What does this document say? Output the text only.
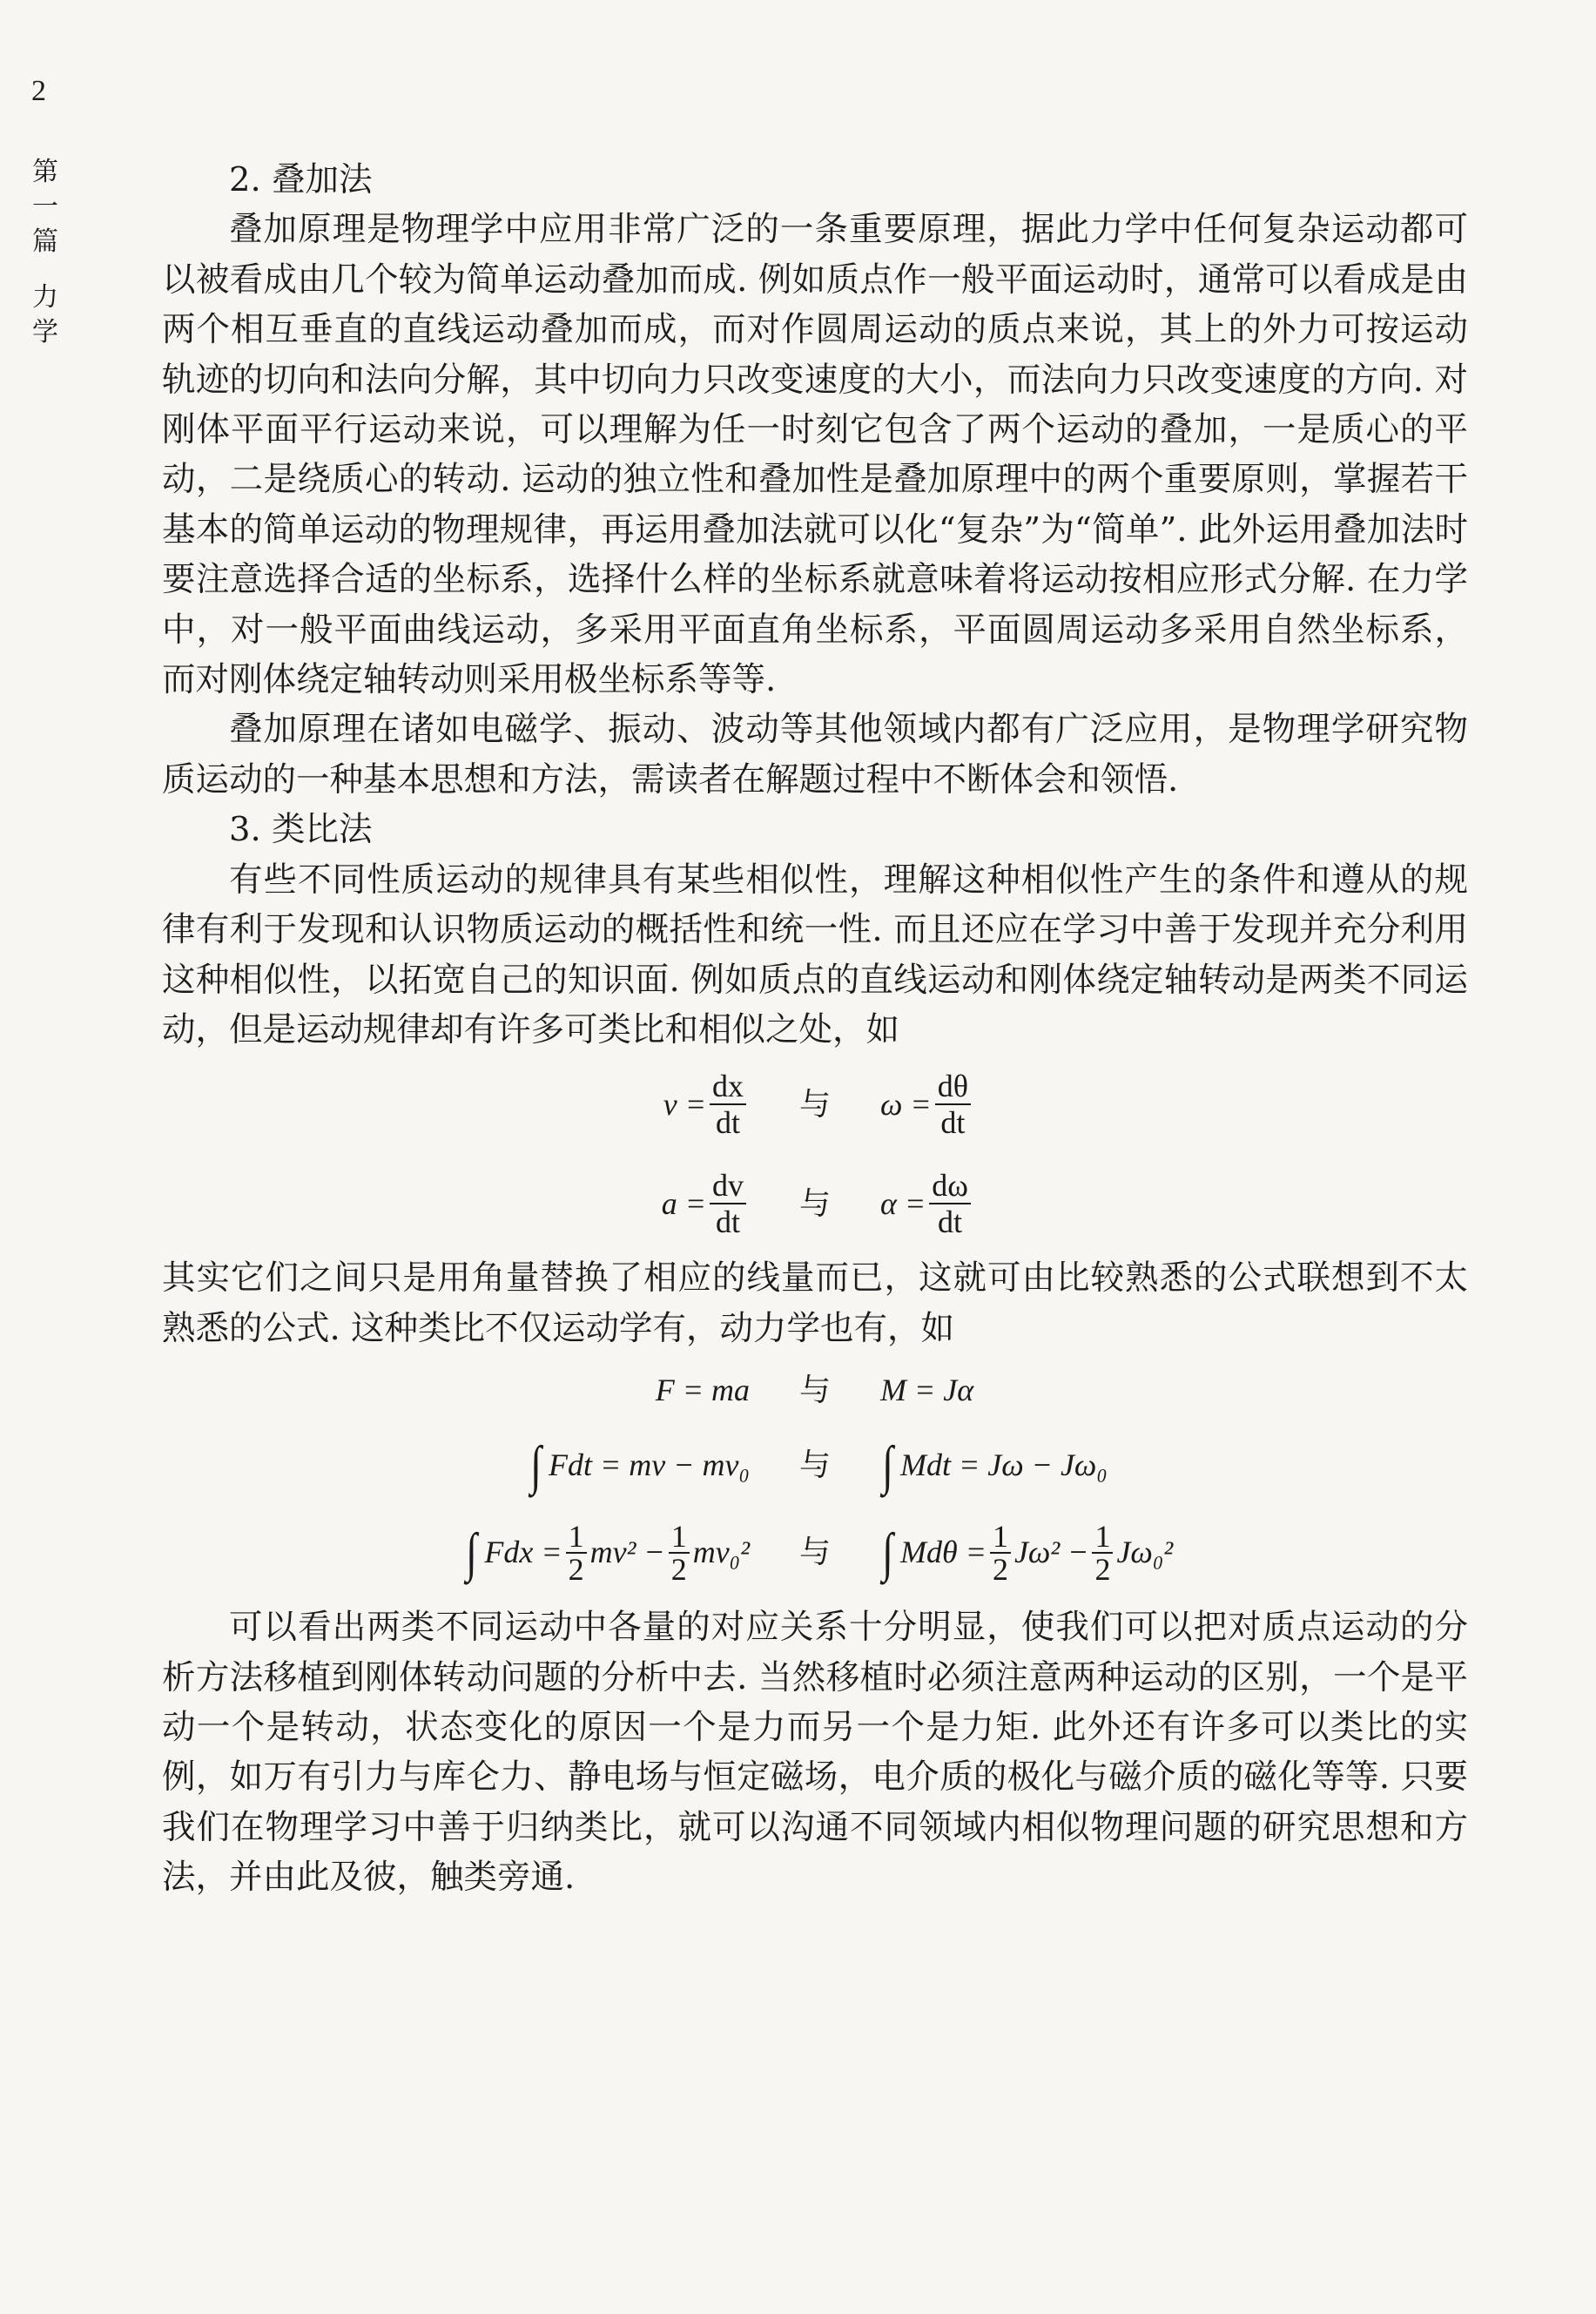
2
第
一
篇
力
学

2. 叠加法

叠加原理是物理学中应用非常广泛的一条重要原理，据此力学中任何复杂运动都可以被看成由几个较为简单运动叠加而成. 例如质点作一般平面运动时，通常可以看成是由两个相互垂直的直线运动叠加而成，而对作圆周运动的质点来说，其上的外力可按运动轨迹的切向和法向分解，其中切向力只改变速度的大小，而法向力只改变速度的方向. 对刚体平面平行运动来说，可以理解为任一时刻它包含了两个运动的叠加，一是质心的平动，二是绕质心的转动. 运动的独立性和叠加性是叠加原理中的两个重要原则，掌握若干基本的简单运动的物理规律，再运用叠加法就可以化“复杂”为“简单”. 此外运用叠加法时要注意选择合适的坐标系，选择什么样的坐标系就意味着将运动按相应形式分解. 在力学中，对一般平面曲线运动，多采用平面直角坐标系，平面圆周运动多采用自然坐标系，而对刚体绕定轴转动则采用极坐标系等等.

叠加原理在诸如电磁学、振动、波动等其他领域内都有广泛应用，是物理学研究物质运动的一种基本思想和方法，需读者在解题过程中不断体会和领悟.

3. 类比法

有些不同性质运动的规律具有某些相似性，理解这种相似性产生的条件和遵从的规律有利于发现和认识物质运动的概括性和统一性. 而且还应在学习中善于发现并充分利用这种相似性，以拓宽自己的知识面. 例如质点的直线运动和刚体绕定轴转动是两类不同运动，但是运动规律却有许多可类比和相似之处，如

$v = \frac{dx}{dt}$	与	$\omega = \frac{d\theta}{dt}$
$a = \frac{dv}{dt}$	与	$\alpha = \frac{d\omega}{dt}$

其实它们之间只是用角量替换了相应的线量而已，这就可由比较熟悉的公式联想到不太熟悉的公式. 这种类比不仅运动学有，动力学也有，如

F = ma	与	M = Jα
∫ Fdt = mv − mv₀	与 ∫ Mdt = Jω − Jω₀
∫ Fdx = $\frac{1}{2} mv^2 - \frac{1}{2} mv_0^2$	与 ∫ $Md\theta = \frac{1}{2} J\omega^2 - \frac{1}{2} J\omega_0^2$

可以看出两类不同运动中各量的对应关系十分明显，使我们可以把对质点运动的分析方法移植到刚体转动问题的分析中去. 当然移植时必须注意两种运动的区别，一个是平动一个是转动，状态变化的原因一个是力而另一个是力矩. 此外还有许多可以类比的实例，如万有引力与库仑力、静电场与恒定磁场，电介质的极化与磁介质的磁化等等. 只要我们在物理学习中善于归纳类比，就可以沟通不同领域内相似物理问题的研究思想和方法，并由此及彼，触类旁通.
